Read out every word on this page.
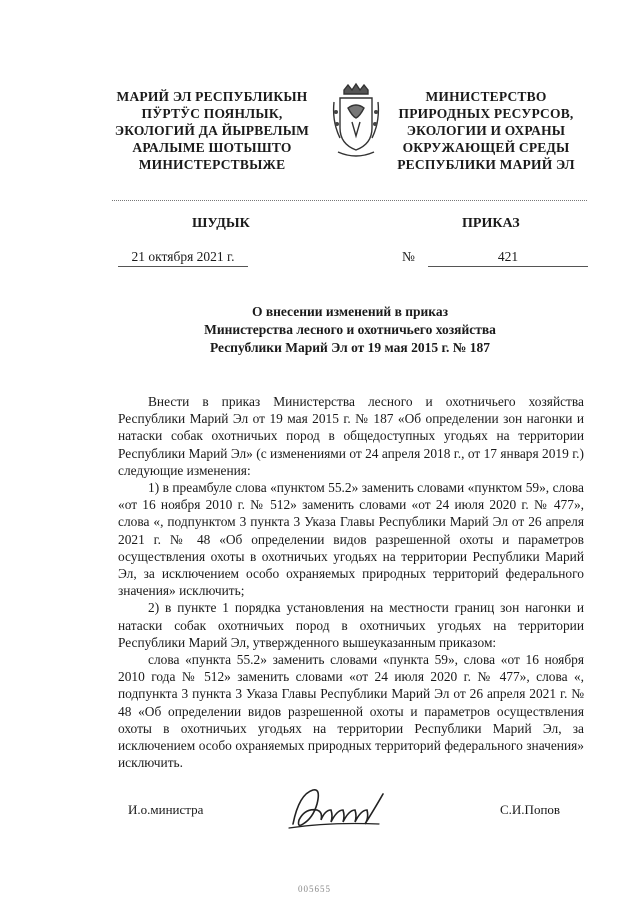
МАРИЙ ЭЛ РЕСПУБЛИКЫН
ПӰРТӰС ПОЯНЛЫК,
ЭКОЛОГИЙ ДА ЙЫРВЕЛЫМ
АРАЛЫМЕ ШОТЫШТО
МИНИСТЕРСТВЫЖЕ
МИНИСТЕРСТВО
ПРИРОДНЫХ РЕСУРСОВ,
ЭКОЛОГИИ И ОХРАНЫ
ОКРУЖАЮЩЕЙ СРЕДЫ
РЕСПУБЛИКИ МАРИЙ ЭЛ
ШУДЫК	ПРИКАЗ
21 октября 2021 г.	№	421
О внесении изменений в приказ
Министерства лесного и охотничьего хозяйства
Республики Марий Эл от 19 мая 2015 г. № 187

Внести в приказ Министерства лесного и охотничьего хозяйства Республики Марий Эл от 19 мая 2015 г. № 187 «Об определении зон нагонки и натаски собак охотничьих пород в общедоступных угодьях на территории Республики Марий Эл» (с изменениями от 24 апреля 2018 г., от 17 января 2019 г.) следующие изменения:

1) в преамбуле слова «пунктом 55.2» заменить словами «пунктом 59», слова «от 16 ноября 2010 г. № 512» заменить словами «от 24 июля 2020 г. № 477», слова «, подпунктом 3 пункта 3 Указа Главы Республики Марий Эл от 26 апреля 2021 г. № 48 «Об определении видов разрешенной охоты и параметров осуществления охоты в охотничьих угодьях на территории Республики Марий Эл, за исключением особо охраняемых природных территорий федерального значения» исключить;

2) в пункте 1 порядка установления на местности границ зон нагонки и натаски собак охотничьих пород в охотничьих угодьях на территории Республики Марий Эл, утвержденного вышеуказанным приказом:

слова «пункта 55.2» заменить словами «пункта 59», слова «от 16 ноября 2010 года № 512» заменить словами «от 24 июля 2020 г. № 477», слова «, подпункта 3 пункта 3 Указа Главы Республики Марий Эл от 26 апреля 2021 г. № 48 «Об определении видов разрешенной охоты и параметров осуществления охоты в охотничьих угодьях на территории Республики Марий Эл, за исключением особо охраняемых природных территорий федерального значения» исключить.

И.о.министра	С.И.Попов
005655
